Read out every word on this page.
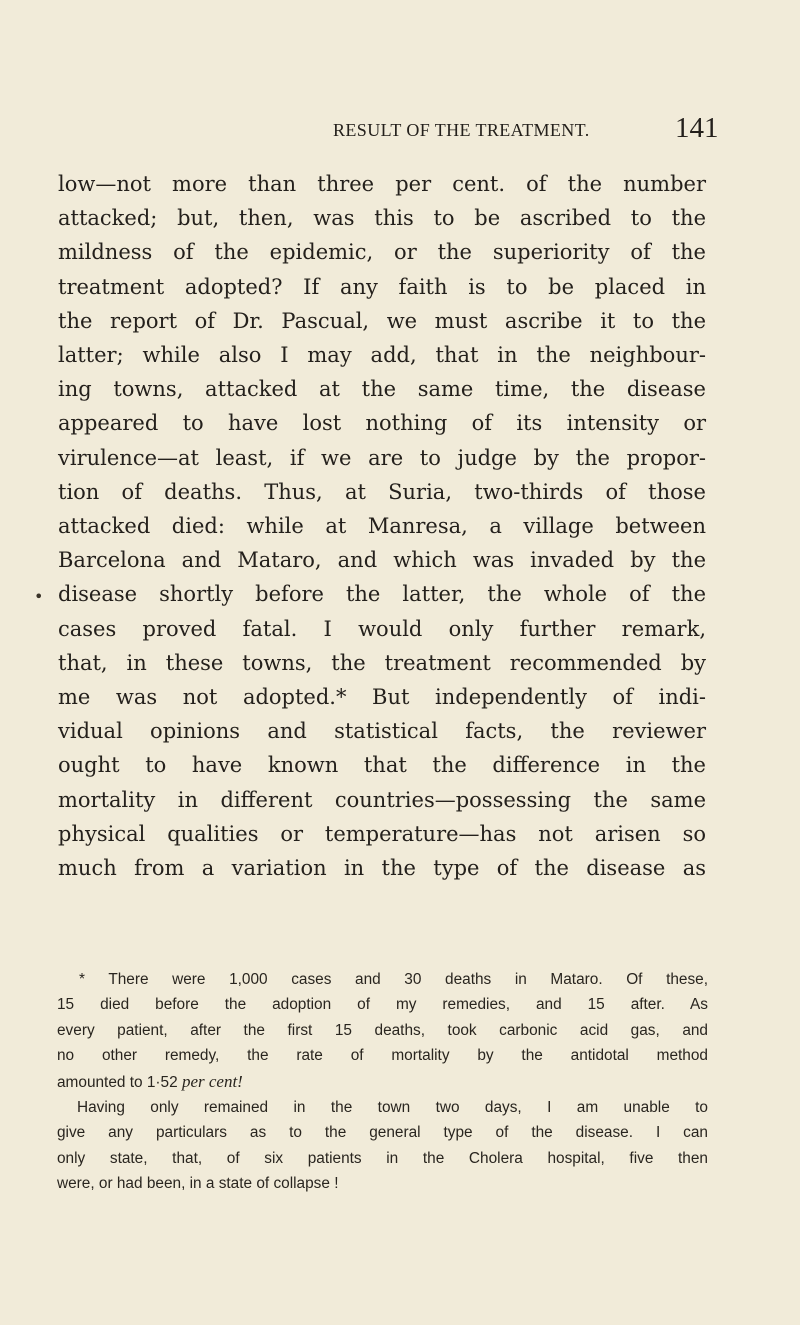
RESULT OF THE TREATMENT.	141
•
low—not more than three per cent. of the number
attacked; but, then, was this to be ascribed to the
mildness of the epidemic, or the superiority of the
treatment adopted? If any faith is to be placed in
the report of Dr. Pascual, we must ascribe it to the
latter; while also I may add, that in the neighbour-
ing towns, attacked at the same time, the disease
appeared to have lost nothing of its intensity or
virulence—at least, if we are to judge by the propor-
tion of deaths. Thus, at Suria, two-thirds of those
attacked died: while at Manresa, a village between
Barcelona and Mataro, and which was invaded by the
disease shortly before the latter, the whole of the
cases proved fatal. I would only further remark,
that, in these towns, the treatment recommended by
me was not adopted.* But independently of indi-
vidual opinions and statistical facts, the reviewer
ought to have known that the difference in the
mortality in different countries—possessing the same
physical qualities or temperature—has not arisen so
much from a variation in the type of the disease as
* There were 1,000 cases and 30 deaths in Mataro. Of these,
15 died before the adoption of my remedies, and 15 after. As
every patient, after the first 15 deaths, took carbonic acid gas, and
no other remedy, the rate of mortality by the antidotal method
amounted to 1·52 per cent!
Having only remained in the town two days, I am unable to
give any particulars as to the general type of the disease. I can
only state, that, of six patients in the Cholera hospital, five then
were, or had been, in a state of collapse !
